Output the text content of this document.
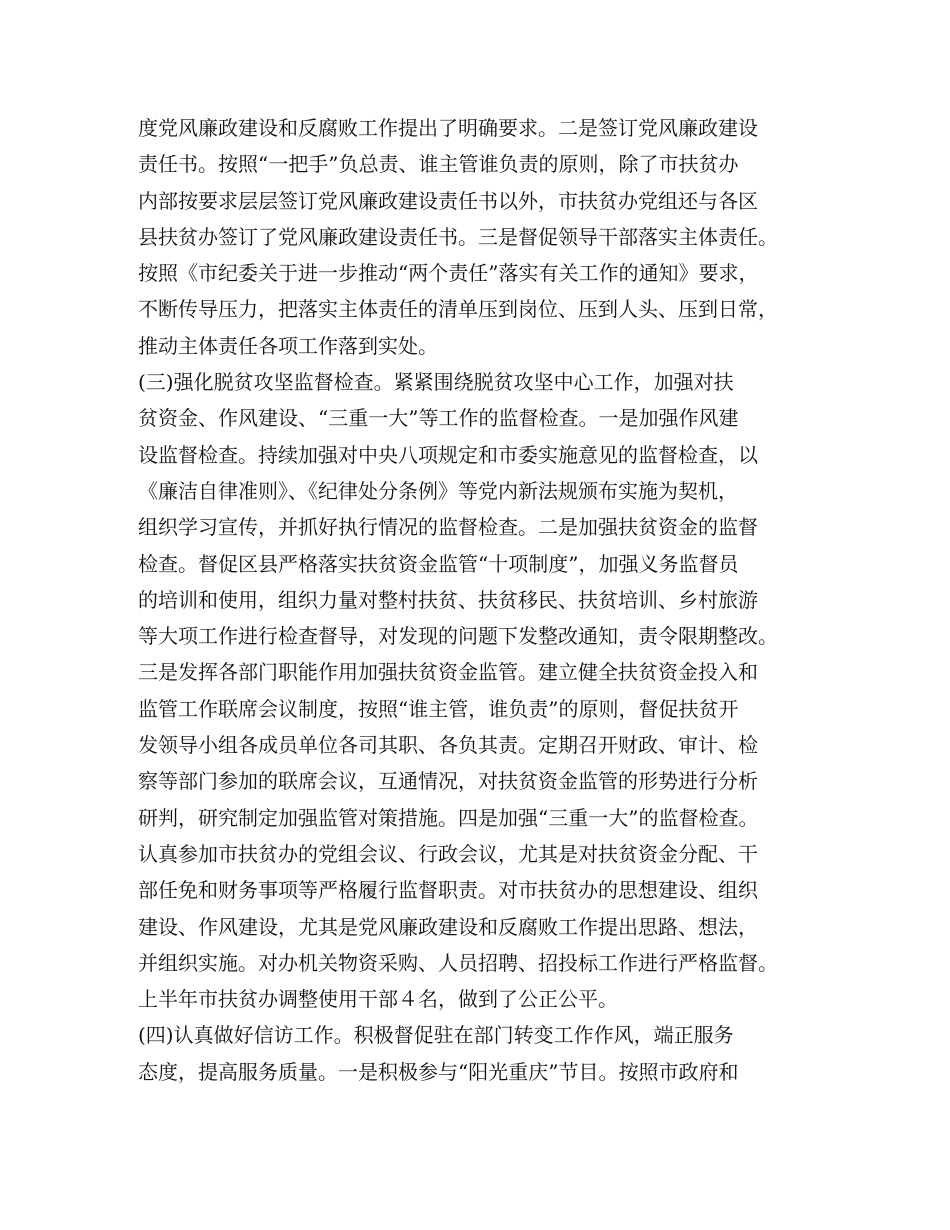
度党风廉政建设和反腐败工作提出了明确要求。二是签订党风廉政建设
责任书。按照“一把手”负总责、谁主管谁负责的原则，除了市扶贫办
内部按要求层层签订党风廉政建设责任书以外，市扶贫办党组还与各区
县扶贫办签订了党风廉政建设责任书。三是督促领导干部落实主体责任。
按照《市纪委关于进一步推动“两个责任”落实有关工作的通知》要求，
不断传导压力，把落实主体责任的清单压到岗位、压到人头、压到日常，
推动主体责任各项工作落到实处。
(三)强化脱贫攻坚监督检查。紧紧围绕脱贫攻坚中心工作，加强对扶
贫资金、作风建设、“三重一大”等工作的监督检查。一是加强作风建
设监督检查。持续加强对中央八项规定和市委实施意见的监督检查，以
《廉洁自律准则》、《纪律处分条例》等党内新法规颁布实施为契机，
组织学习宣传，并抓好执行情况的监督检查。二是加强扶贫资金的监督
检查。督促区县严格落实扶贫资金监管“十项制度”，加强义务监督员
的培训和使用，组织力量对整村扶贫、扶贫移民、扶贫培训、乡村旅游
等大项工作进行检查督导，对发现的问题下发整改通知，责令限期整改。
三是发挥各部门职能作用加强扶贫资金监管。建立健全扶贫资金投入和
监管工作联席会议制度，按照“谁主管，谁负责”的原则，督促扶贫开
发领导小组各成员单位各司其职、各负其责。定期召开财政、审计、检
察等部门参加的联席会议，互通情况，对扶贫资金监管的形势进行分析
研判，研究制定加强监管对策措施。四是加强“三重一大”的监督检查。
认真参加市扶贫办的党组会议、行政会议，尤其是对扶贫资金分配、干
部任免和财务事项等严格履行监督职责。对市扶贫办的思想建设、组织
建设、作风建设，尤其是党风廉政建设和反腐败工作提出思路、想法，
并组织实施。对办机关物资采购、人员招聘、招投标工作进行严格监督。
上半年市扶贫办调整使用干部４名，做到了公正公平。
(四)认真做好信访工作。积极督促驻在部门转变工作作风，端正服务
态度，提高服务质量。一是积极参与“阳光重庆”节目。按照市政府和
